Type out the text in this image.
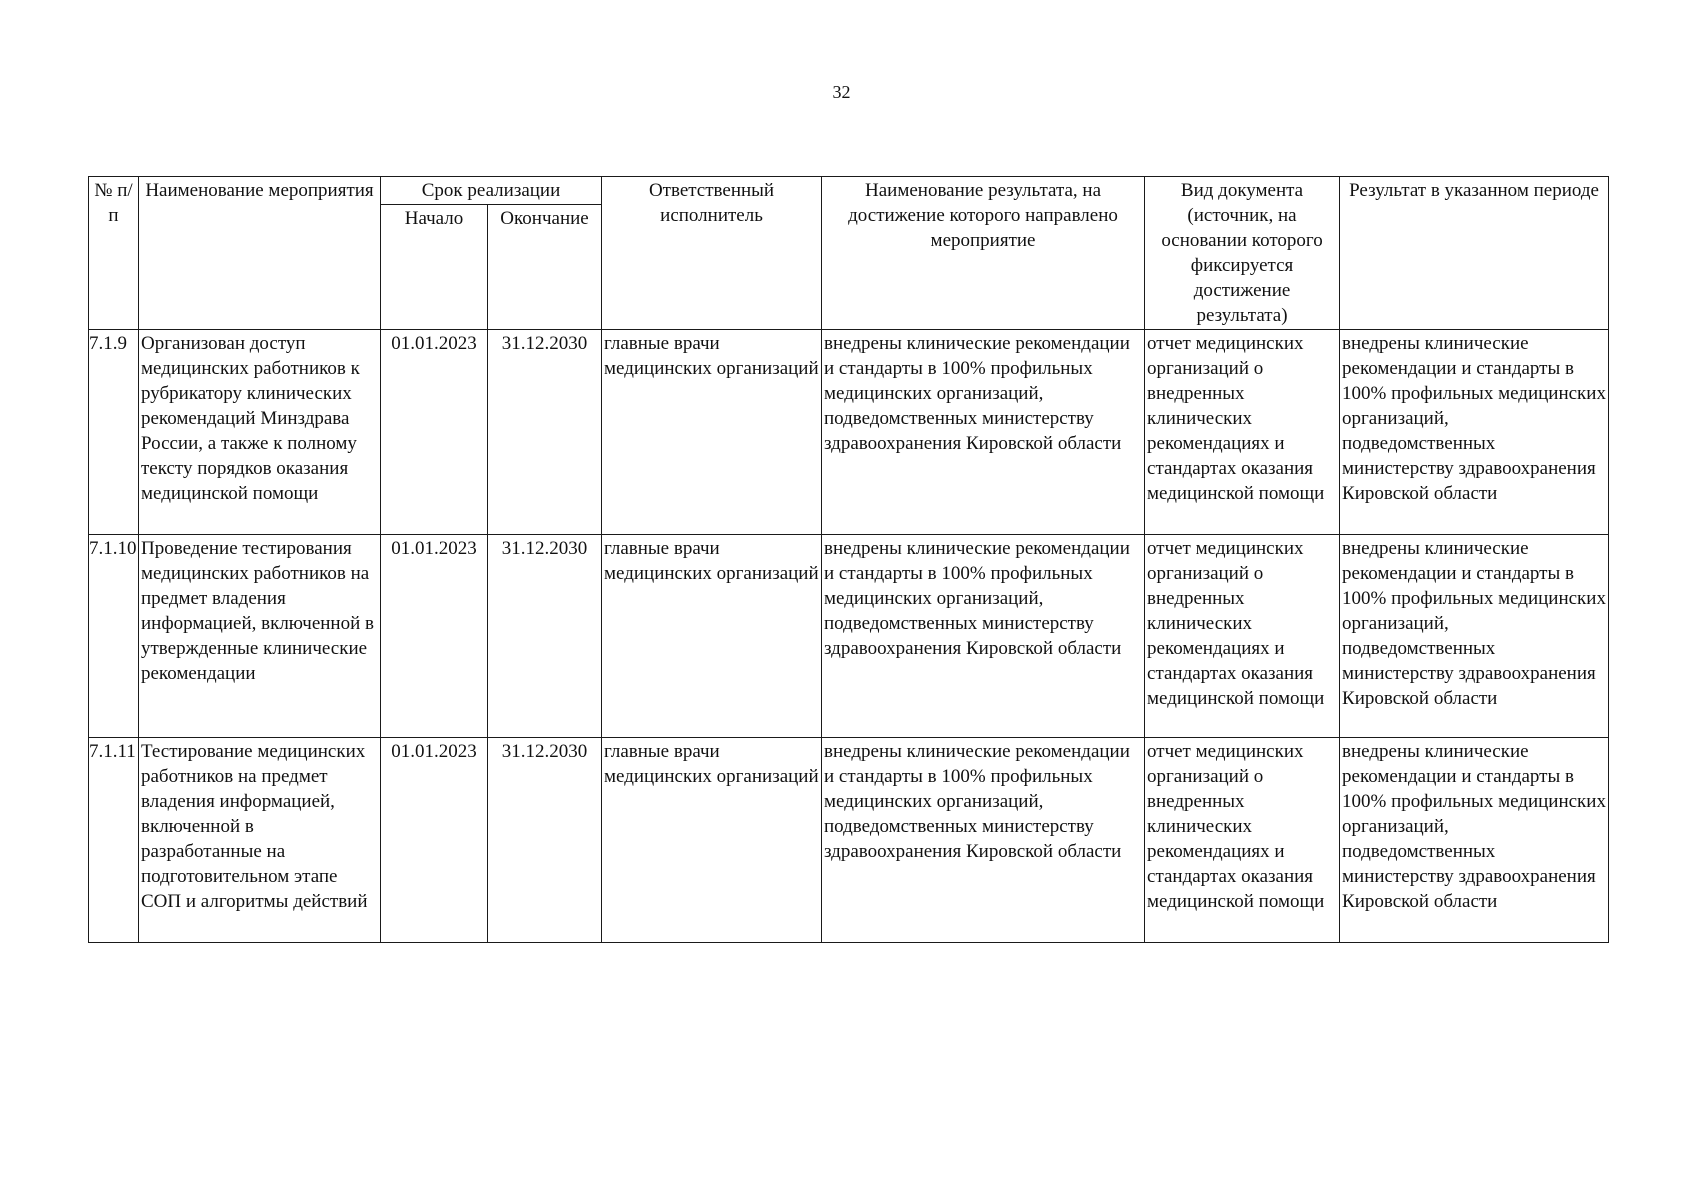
32
№ п/п	Наименование мероприятия	Срок реализации		Ответственный исполнитель	Наименование результата, на достижение которого направлено мероприятие	Вид документа (источник, на основании которого фиксируется достижение результата)	Результат в указанном периоде
		Начало	Окончание				
7.1.9	Организован доступ медицинских работников к рубрикатору клинических рекомендаций Минздрава России, а также к полному тексту порядков оказания медицинской помощи	01.01.2023	31.12.2030	главные врачи медицинских организаций	внедрены клинические рекомендации и стандарты в 100% профильных медицинских организаций, подведомственных министерству здравоохранения Кировской области	отчет медицинских организаций о внедренных клинических рекомендациях и стандартах оказания медицинской помощи	внедрены клинические рекомендации и стандарты в 100% профильных медицинских организаций, подведомственных министерству здравоохранения Кировской области
7.1.10	Проведение тестирования медицинских работников на предмет владения информацией, включенной в утвержденные клинические рекомендации	01.01.2023	31.12.2030	главные врачи медицинских организаций	внедрены клинические рекомендации и стандарты в 100% профильных медицинских организаций, подведомственных министерству здравоохранения Кировской области	отчет медицинских организаций о внедренных клинических рекомендациях и стандартах оказания медицинской помощи	внедрены клинические рекомендации и стандарты в 100% профильных медицинских организаций, подведомственных министерству здравоохранения Кировской области
7.1.11	Тестирование медицинских работников на предмет владения информацией, включенной в разработанные на подготовительном этапе СОП и алгоритмы действий	01.01.2023	31.12.2030	главные врачи медицинских организаций	внедрены клинические рекомендации и стандарты в 100% профильных медицинских организаций, подведомственных министерству здравоохранения Кировской области	отчет медицинских организаций о внедренных клинических рекомендациях и стандартах оказания медицинской помощи	внедрены клинические рекомендации и стандарты в 100% профильных медицинских организаций, подведомственных министерству здравоохранения Кировской области
